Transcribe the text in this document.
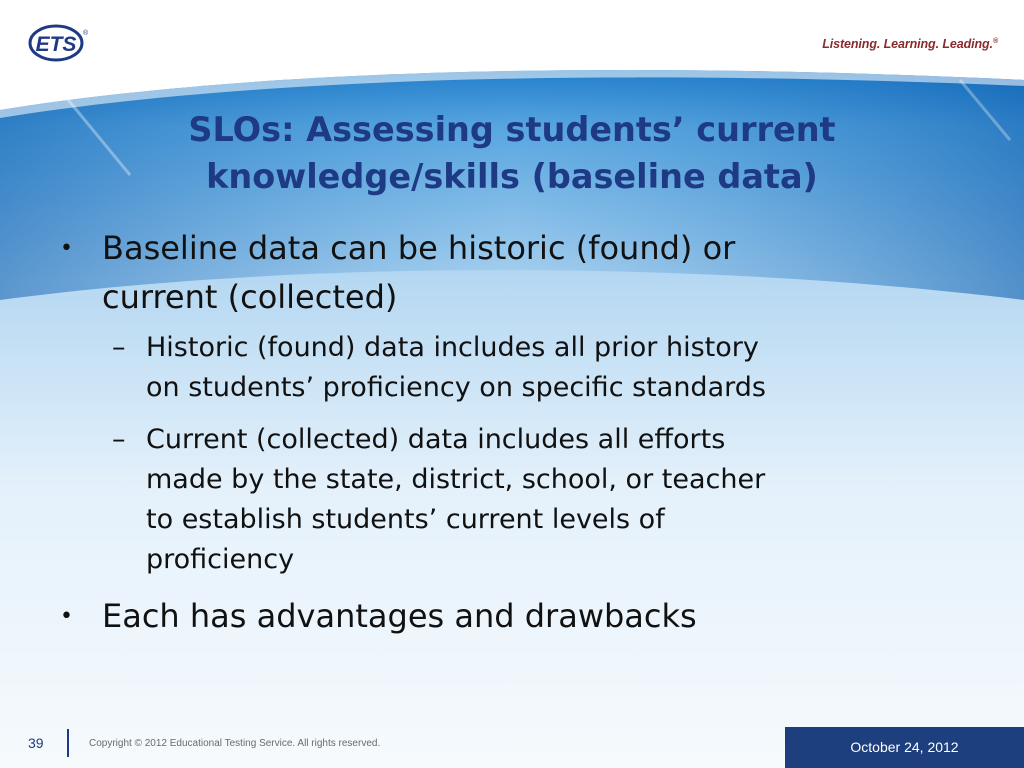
ETS ®
Listening. Learning. Leading.®
SLOs: Assessing students’ current
knowledge/skills (baseline data)
• Baseline data can be historic (found) or
current (collected)
– Historic (found) data includes all prior history
on students’ proficiency on specific standards
– Current (collected) data includes all efforts
made by the state, district, school, or teacher
to establish students’ current levels of
proficiency
• Each has advantages and drawbacks
39	Copyright © 2012 Educational Testing Service. All rights reserved.	October 24, 2012
